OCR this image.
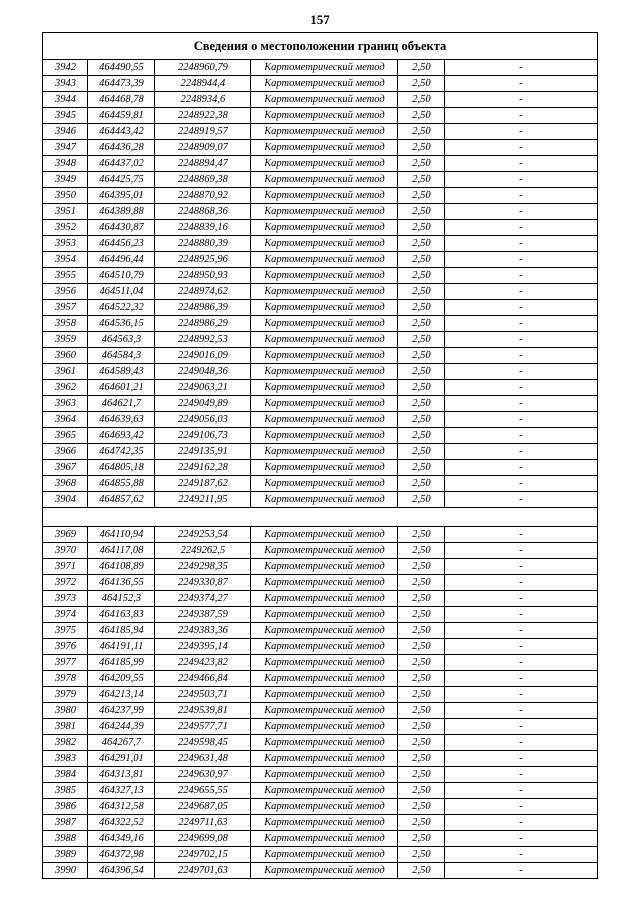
157
Сведения о местоположении границ объекта					
3942	464490,55	2248960,79	Картометрический метод	2,50	-
3943	464473,39	2248944,4	Картометрический метод	2,50	-
3944	464468,78	2248934,6	Картометрический метод	2,50	-
3945	464459,81	2248922,38	Картометрический метод	2,50	-
3946	464443,42	2248919,57	Картометрический метод	2,50	-
3947	464436,28	2248909,07	Картометрический метод	2,50	-
3948	464437,02	2248894,47	Картометрический метод	2,50	-
3949	464425,75	2248869,38	Картометрический метод	2,50	-
3950	464395,01	2248870,92	Картометрический метод	2,50	-
3951	464389,88	2248868,36	Картометрический метод	2,50	-
3952	464430,87	2248839,16	Картометрический метод	2,50	-
3953	464456,23	2248880,39	Картометрический метод	2,50	-
3954	464496,44	2248925,96	Картометрический метод	2,50	-
3955	464510,79	2248950,93	Картометрический метод	2,50	-
3956	464511,04	2248974,62	Картометрический метод	2,50	-
3957	464522,32	2248986,39	Картометрический метод	2,50	-
3958	464536,15	2248986,29	Картометрический метод	2,50	-
3959	464563,3	2248992,53	Картометрический метод	2,50	-
3960	464584,3	2249016,09	Картометрический метод	2,50	-
3961	464589,43	2249048,36	Картометрический метод	2,50	-
3962	464601,21	2249063,21	Картометрический метод	2,50	-
3963	464621,7	2249049,89	Картометрический метод	2,50	-
3964	464639,63	2249056,03	Картометрический метод	2,50	-
3965	464693,42	2249106,73	Картометрический метод	2,50	-
3966	464742,35	2249135,91	Картометрический метод	2,50	-
3967	464805,18	2249162,28	Картометрический метод	2,50	-
3968	464855,88	2249187,62	Картометрический метод	2,50	-
3904	464857,62	2249211,95	Картометрический метод	2,50	-

3969	464110,94	2249253,54	Картометрический метод	2,50	-
3970	464117,08	2249262,5	Картометрический метод	2,50	-
3971	464108,89	2249298,35	Картометрический метод	2,50	-
3972	464136,55	2249330,87	Картометрический метод	2,50	-
3973	464152,3	2249374,27	Картометрический метод	2,50	-
3974	464163,83	2249387,59	Картометрический метод	2,50	-
3975	464185,94	2249383,36	Картометрический метод	2,50	-
3976	464191,11	2249395,14	Картометрический метод	2,50	-
3977	464185,99	2249423,82	Картометрический метод	2,50	-
3978	464209,55	2249466,84	Картометрический метод	2,50	-
3979	464213,14	2249503,71	Картометрический метод	2,50	-
3980	464237,99	2249539,81	Картометрический метод	2,50	-
3981	464244,39	2249577,71	Картометрический метод	2,50	-
3982	464267,7	2249598,45	Картометрический метод	2,50	-
3983	464291,01	2249631,48	Картометрический метод	2,50	-
3984	464313,81	2249630,97	Картометрический метод	2,50	-
3985	464327,13	2249655,55	Картометрический метод	2,50	-
3986	464312,58	2249687,05	Картометрический метод	2,50	-
3987	464322,52	2249711,63	Картометрический метод	2,50	-
3988	464349,16	2249699,08	Картометрический метод	2,50	-
3989	464372,98	2249702,15	Картометрический метод	2,50	-
3990	464396,54	2249701,63	Картометрический метод	2,50	-
